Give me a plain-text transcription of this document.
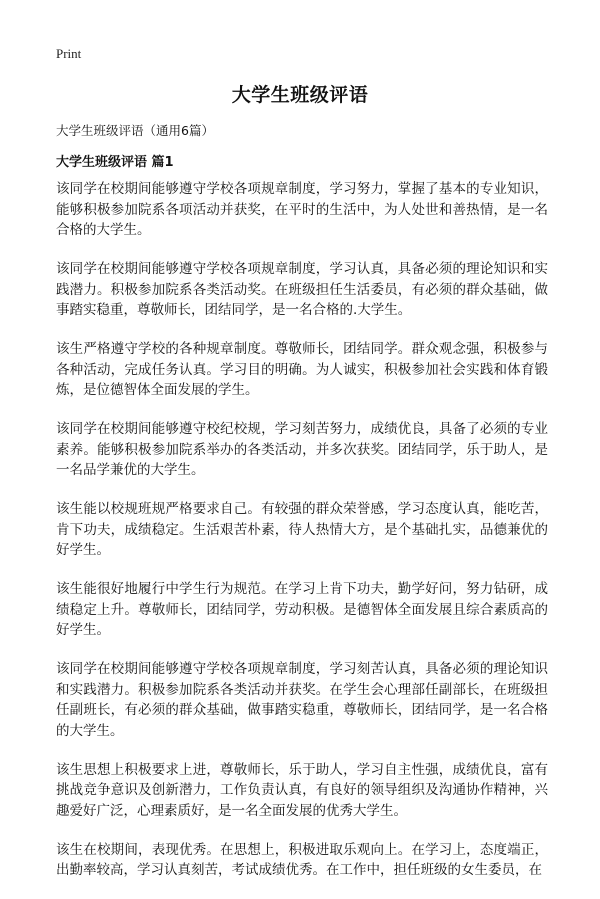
Print
大学生班级评语
大学生班级评语（通用6篇）
大学生班级评语 篇1

该同学在校期间能够遵守学校各项规章制度，学习努力，掌握了基本的专业知识，能够积极参加院系各项活动并获奖，在平时的生活中，为人处世和善热情，是一名合格的大学生。

该同学在校期间能够遵守学校各项规章制度，学习认真，具备必须的理论知识和实践潜力。积极参加院系各类活动奖。在班级担任生活委员，有必须的群众基础，做事踏实稳重，尊敬师长，团结同学，是一名合格的.大学生。

该生严格遵守学校的各种规章制度。尊敬师长，团结同学。群众观念强，积极参与各种活动，完成任务认真。学习目的明确。为人诚实，积极参加社会实践和体育锻炼，是位德智体全面发展的学生。

该同学在校期间能够遵守校纪校规，学习刻苦努力，成绩优良，具备了必须的专业素养。能够积极参加院系举办的各类活动，并多次获奖。团结同学，乐于助人，是一名品学兼优的大学生。

该生能以校规班规严格要求自己。有较强的群众荣誉感，学习态度认真，能吃苦，肯下功夫，成绩稳定。生活艰苦朴素，待人热情大方，是个基础扎实，品德兼优的好学生。

该生能很好地履行中学生行为规范。在学习上肯下功夫，勤学好问，努力钻研，成绩稳定上升。尊敬师长，团结同学，劳动积极。是德智体全面发展且综合素质高的好学生。

该同学在校期间能够遵守学校各项规章制度，学习刻苦认真，具备必须的理论知识和实践潜力。积极参加院系各类活动并获奖。在学生会心理部任副部长，在班级担任副班长，有必须的群众基础，做事踏实稳重，尊敬师长，团结同学，是一名合格的大学生。

该生思想上积极要求上进，尊敬师长，乐于助人，学习自主性强，成绩优良，富有挑战竞争意识及创新潜力，工作负责认真，有良好的领导组织及沟通协作精神，兴趣爱好广泛，心理素质好，是一名全面发展的优秀大学生。

该生在校期间，表现优秀。在思想上，积极进取乐观向上。在学习上，态度端正，出勤率较高，学习认真刻苦，考试成绩优秀。在工作中，担任班级的女生委员，在
